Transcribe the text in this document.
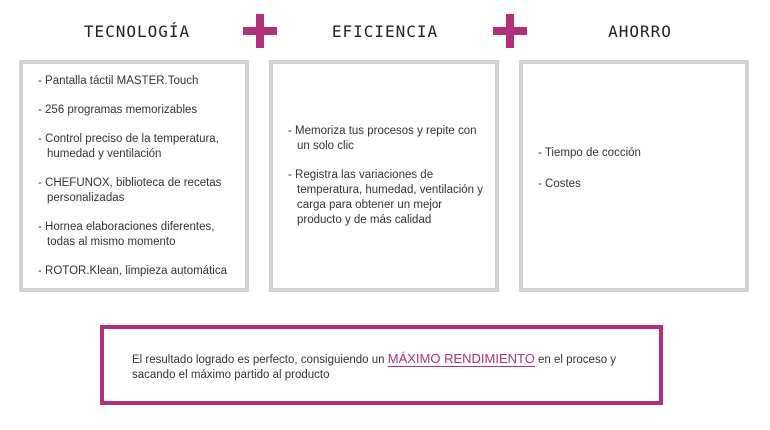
TECNOLOGÍA	EFICIENCIA	AHORRO
- Pantalla táctil MASTER.Touch
- 256 programas memorizables
- Control preciso de la temperatura, humedad y ventilación
- CHEFUNOX, biblioteca de recetas personalizadas
- Hornea elaboraciones diferentes, todas al mismo momento
- ROTOR.Klean, limpieza automática
- Memoriza tus procesos y repite con un solo clic
- Registra las variaciones de temperatura, humedad, ventilación y carga para obtener un mejor producto y de más calidad
- Tiempo de cocción
- Costes

El resultado logrado es perfecto, consiguiendo un MÁXIMO RENDIMIENTO en el proceso y sacando el máximo partido al producto
